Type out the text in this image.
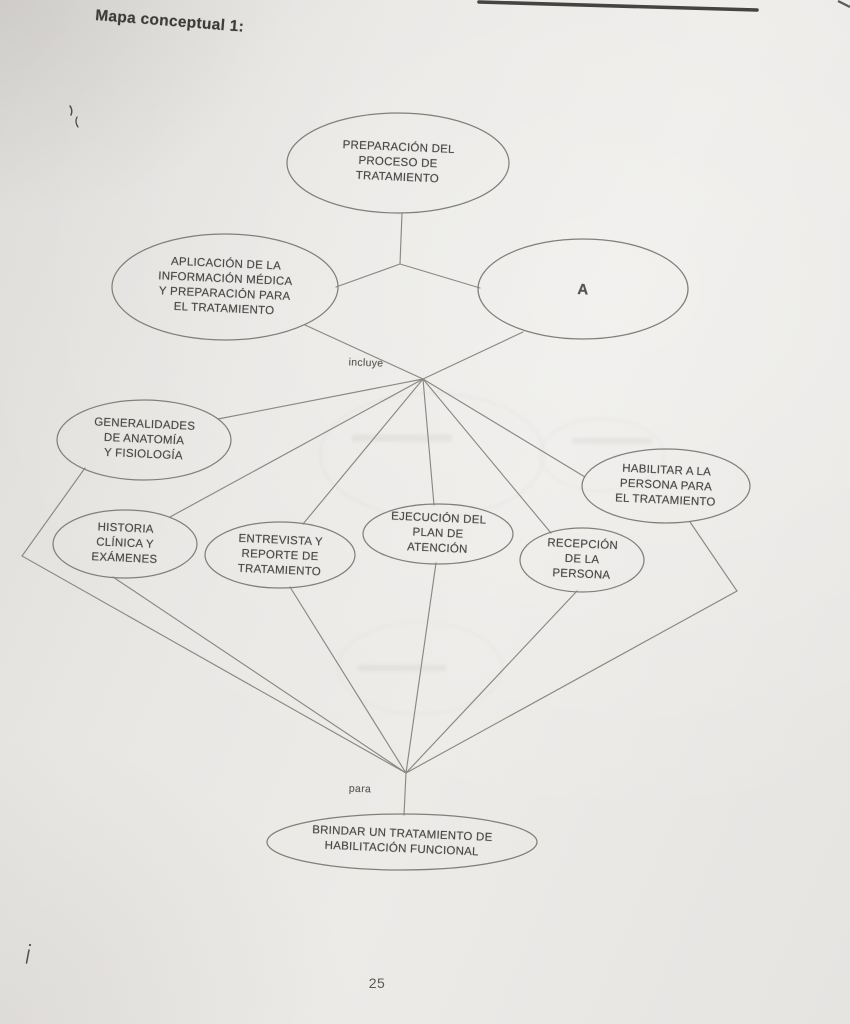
Mapa conceptual 1:
PREPARACIÓN DEL
PROCESO DE
TRATAMIENTO
APLICACIÓN DE LA
INFORMACIÓN MÉDICA
Y PREPARACIÓN PARA
EL TRATAMIENTO
A
GENERALIDADES
DE ANATOMÍA
Y FISIOLOGÍA
HISTORIA
CLÍNICA Y
EXÁMENES
ENTREVISTA Y
REPORTE DE
TRATAMIENTO
EJECUCIÓN DEL
PLAN DE
ATENCIÓN	RECEPCIÓN
DE LA
PERSONA
HABILITAR A LA
PERSONA PARA
EL TRATAMIENTO
BRINDAR UN TRATAMIENTO DE
HABILITACIÓN FUNCIONAL
incluye
para
25
